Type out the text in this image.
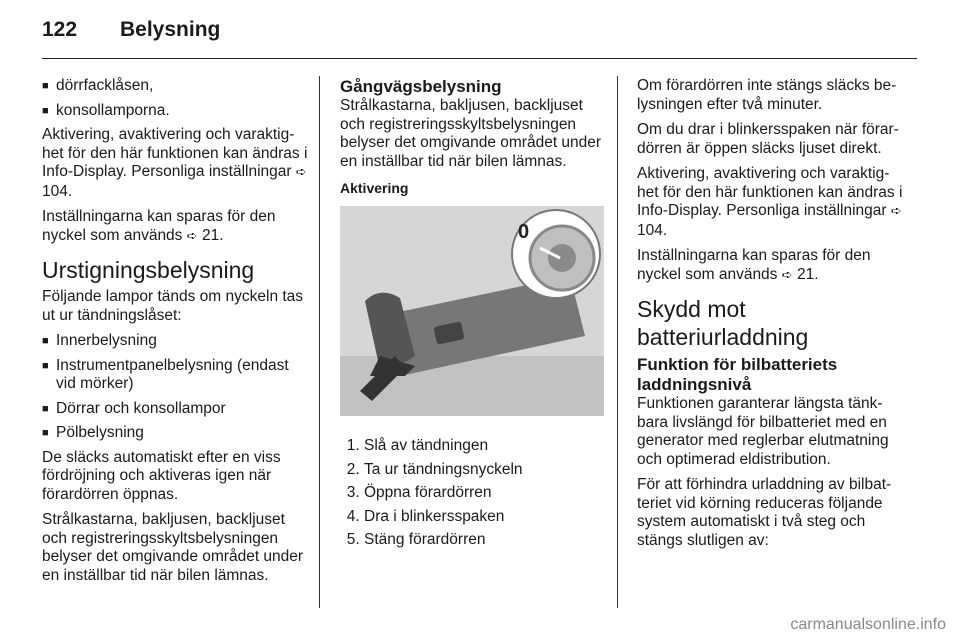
122 Belysning
■ dörrfacklåsen,
■ konsollamporna.

Aktivering, avaktivering och varaktighet för den här funktionen kan ändras i Info-Display. Personliga inställningar ➪ 104.

Inställningarna kan sparas för den nyckel som används ➪ 21.

Urstigningsbelysning

Följande lampor tänds om nyckeln tas ut ur tändningslåset:

■ Innerbelysning
■ Instrumentpanelbelysning (endast vid mörker)
■ Dörrar och konsollampor
■ Pölbelysning

De släcks automatiskt efter en viss fördröjning och aktiveras igen när förardörren öppnas.

Strålkastarna, bakljusen, backljuset och registreringsskyltsbelysningen belyser det omgivande området under en inställbar tid när bilen lämnas.

Gångvägsbelysning

Strålkastarna, bakljusen, backljuset och registreringsskyltsbelysningen belyser det omgivande området under en inställbar tid när bilen lämnas.

Aktivering
0
1. Slå av tändningen
2. Ta ur tändningsnyckeln
3. Öppna förardörren
4. Dra i blinkersspaken
5. Stäng förardörren

Om förardörren inte stängs släcks belysningen efter två minuter.

Om du drar i blinkersspaken när förardörren är öppen släcks ljuset direkt.

Aktivering, avaktivering och varaktighet för den här funktionen kan ändras i Info-Display. Personliga inställningar ➪ 104.

Inställningarna kan sparas för den nyckel som används ➪ 21.

Skydd mot batteriurladdning
Funktion för bilbatteriets laddningsnivå

Funktionen garanterar längsta tänkbara livslängd för bilbatteriet med en generator med reglerbar elutmatning och optimerad eldistribution.

För att förhindra urladdning av bilbatteriet vid körning reduceras följande system automatiskt i två steg och stängs slutligen av:

carmanualsonline.info
